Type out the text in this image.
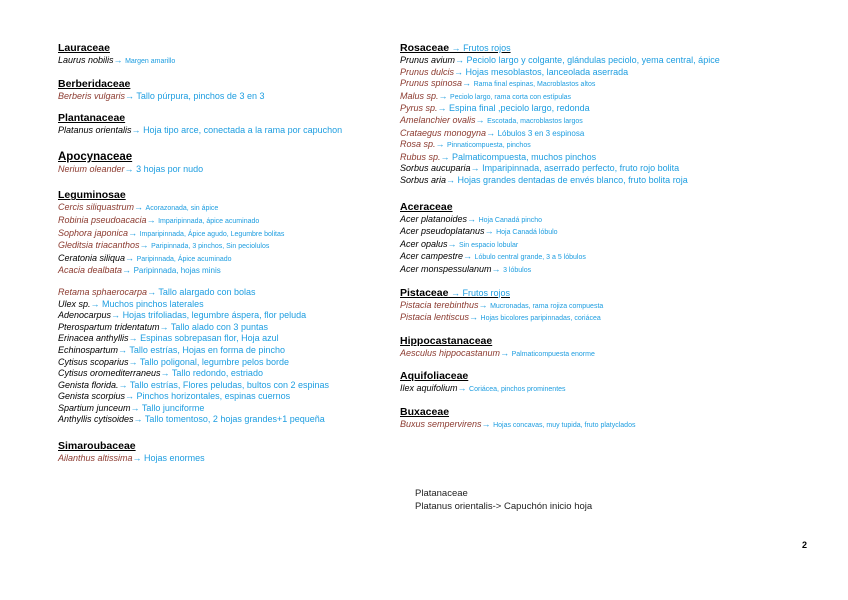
Lauraceae
Laurus nobilis→ Margen amarillo
Berberidaceae
Berberis vulgaris→ Tallo púrpura, pinchos de 3 en 3
Plantanaceae
Platanus orientalis→ Hoja tipo arce, conectada a la rama por capuchon
Apocynaceae
Nerium oleander→ 3 hojas por nudo
Leguminosae
Cercis siliquastrum→ Acorazonada, sin ápice
Robinia pseudoacacia→ Imparipinnada, ápice acuminado
Sophora japonica→ Imparipinnada, Ápice agudo, Legumbre bolitas
Gleditsia triacanthos→ Paripinnada, 3 pinchos, Sin peciolulos
Ceratonia siliqua→ Paripinnada, Ápice acuminado
Acacia dealbata→ Paripinnada, hojas minis
Retama sphaerocarpa→ Tallo alargado con bolas
Ulex sp.→ Muchos pinchos laterales
Adenocarpus→ Hojas trifoliadas, legumbre áspera, flor peluda
Pterospartum tridentatum→ Tallo alado con 3 puntas
Erinacea anthyllis→ Espinas sobrepasan flor, Hoja azul
Echinospartum→ Tallo estrías, Hojas en forma de pincho
Cytisus scoparius→ Tallo poligonal, legumbre pelos borde
Cytisus oromediterraneus→ Tallo redondo, estriado
Genista florida.→ Tallo estrías, Flores peludas, bultos con 2 espinas
Genista scorpius→ Pinchos horizontales, espinas cuernos
Spartium junceum→ Tallo junciforme
Anthyllis cytisoides→ Tallo tomentoso, 2 hojas grandes+1 pequeña
Simaroubaceae
Ailanthus altissima→ Hojas enormes
Rosaceae → Frutos rojos
Prunus avium→ Peciolo largo y colgante, glándulas peciolo, yema central, ápice
Prunus dulcis→ Hojas mesoblastos, lanceolada aserrada
Prunus spinosa→ Rama final espinas, Macroblastos altos
Malus sp.→ Peciolo largo, rama corta con estípulas
Pyrus sp.→ Espina final ,peciolo largo, redonda
Amelanchier ovalis→ Escotada, macroblastos largos
Crataegus monogyna→ Lóbulos 3 en 3 espinosa
Rosa sp.→ Pinnaticompuesta, pinchos
Rubus sp.→ Palmaticompuesta, muchos pinchos
Sorbus aucuparia→ Imparipinnada, aserrado perfecto, fruto rojo bolita
Sorbus aria→ Hojas grandes dentadas de envés blanco, fruto bolita roja
Aceraceae
Acer platanoides→ Hoja Canadá pincho
Acer pseudoplatanus→ Hoja Canadá lóbulo
Acer opalus→ Sin espacio lobular
Acer campestre→ Lóbulo central grande, 3 a 5 lóbulos
Acer monspessulanum→ 3 lóbulos
Pistaceae → Frutos rojos
Pistacia terebinthus→ Mucronadas, rama rojiza compuesta
Pistacia lentiscus→ Hojas bicolores paripinnadas, coriácea
Hippocastanaceae
Aesculus hippocastanum→ Palmaticompuesta enorme
Aquifoliaceae
Ilex aquifolium→ Coriácea, pinchos prominentes
Buxaceae
Buxus sempervirens→ Hojas concavas, muy tupida, fruto platyclados
Platanaceae
Platanus orientalis-> Capuchón inicio hoja
2
